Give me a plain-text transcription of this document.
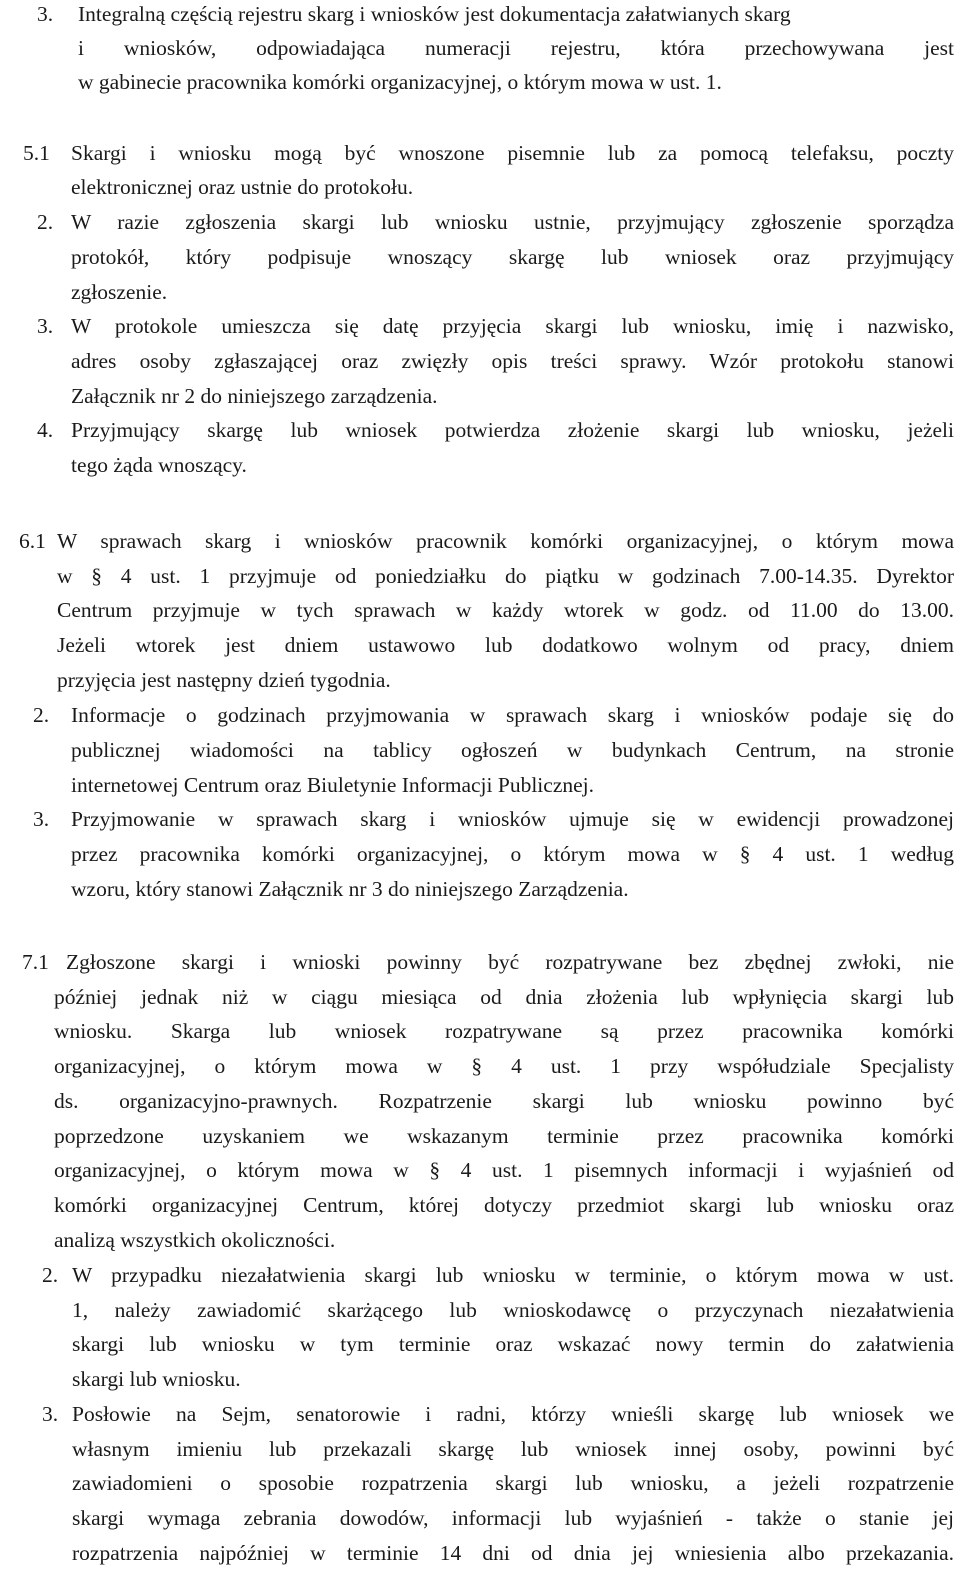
3. Integralną częścią rejestru skarg i wniosków jest dokumentacja załatwianych skarg
i wniosków, odpowiadająca numeracji rejestru, która przechowywana jest
w gabinecie pracownika komórki organizacyjnej, o którym mowa w ust. 1.
5.1 Skargi i wniosku mogą być wnoszone pisemnie lub za pomocą telefaksu, poczty
elektronicznej oraz ustnie do protokołu.
2. W razie zgłoszenia skargi lub wniosku ustnie, przyjmujący zgłoszenie sporządza
protokół, który podpisuje wnoszący skargę lub wniosek oraz przyjmujący
zgłoszenie.
3. W protokole umieszcza się datę przyjęcia skargi lub wniosku, imię i nazwisko,
adres osoby zgłaszającej oraz zwięzły opis treści sprawy. Wzór protokołu stanowi
Załącznik nr 2 do niniejszego zarządzenia.
4. Przyjmujący skargę lub wniosek potwierdza złożenie skargi lub wniosku, jeżeli
tego żąda wnoszący.
6.1 W sprawach skarg i wniosków pracownik komórki organizacyjnej, o którym mowa
w § 4 ust. 1 przyjmuje od poniedziałku do piątku w godzinach 7.00-14.35. Dyrektor
Centrum przyjmuje w tych sprawach w każdy wtorek w godz. od 11.00 do 13.00.
Jeżeli wtorek jest dniem ustawowo lub dodatkowo wolnym od pracy, dniem
przyjęcia jest następny dzień tygodnia.
2. Informacje o godzinach przyjmowania w sprawach skarg i wniosków podaje się do
publicznej wiadomości na tablicy ogłoszeń w budynkach Centrum, na stronie
internetowej Centrum oraz Biuletynie Informacji Publicznej.
3. Przyjmowanie w sprawach skarg i wniosków ujmuje się w ewidencji prowadzonej
przez pracownika komórki organizacyjnej, o którym mowa w § 4 ust. 1 według
wzoru, który stanowi Załącznik nr 3 do niniejszego Zarządzenia.
7.1 Zgłoszone skargi i wnioski powinny być rozpatrywane bez zbędnej zwłoki, nie
później jednak niż w ciągu miesiąca od dnia złożenia lub wpłynięcia skargi lub
wniosku. Skarga lub wniosek rozpatrywane są przez pracownika komórki
organizacyjnej, o którym mowa w § 4 ust. 1 przy współudziale Specjalisty
ds. organizacyjno-prawnych. Rozpatrzenie skargi lub wniosku powinno być
poprzedzone uzyskaniem we wskazanym terminie przez pracownika komórki
organizacyjnej, o którym mowa w § 4 ust. 1 pisemnych informacji i wyjaśnień od
komórki organizacyjnej Centrum, której dotyczy przedmiot skargi lub wniosku oraz
analizą wszystkich okoliczności.
2. W przypadku niezałatwienia skargi lub wniosku w terminie, o którym mowa w ust.
1, należy zawiadomić skarżącego lub wnioskodawcę o przyczynach niezałatwienia
skargi lub wniosku w tym terminie oraz wskazać nowy termin do załatwienia
skargi lub wniosku.
3. Posłowie na Sejm, senatorowie i radni, którzy wnieśli skargę lub wniosek we
własnym imieniu lub przekazali skargę lub wniosek innej osoby, powinni być
zawiadomieni o sposobie rozpatrzenia skargi lub wniosku, a jeżeli rozpatrzenie
skargi wymaga zebrania dowodów, informacji lub wyjaśnień - także o stanie jej
rozpatrzenia najpóźniej w terminie 14 dni od dnia jej wniesienia albo przekazania.
